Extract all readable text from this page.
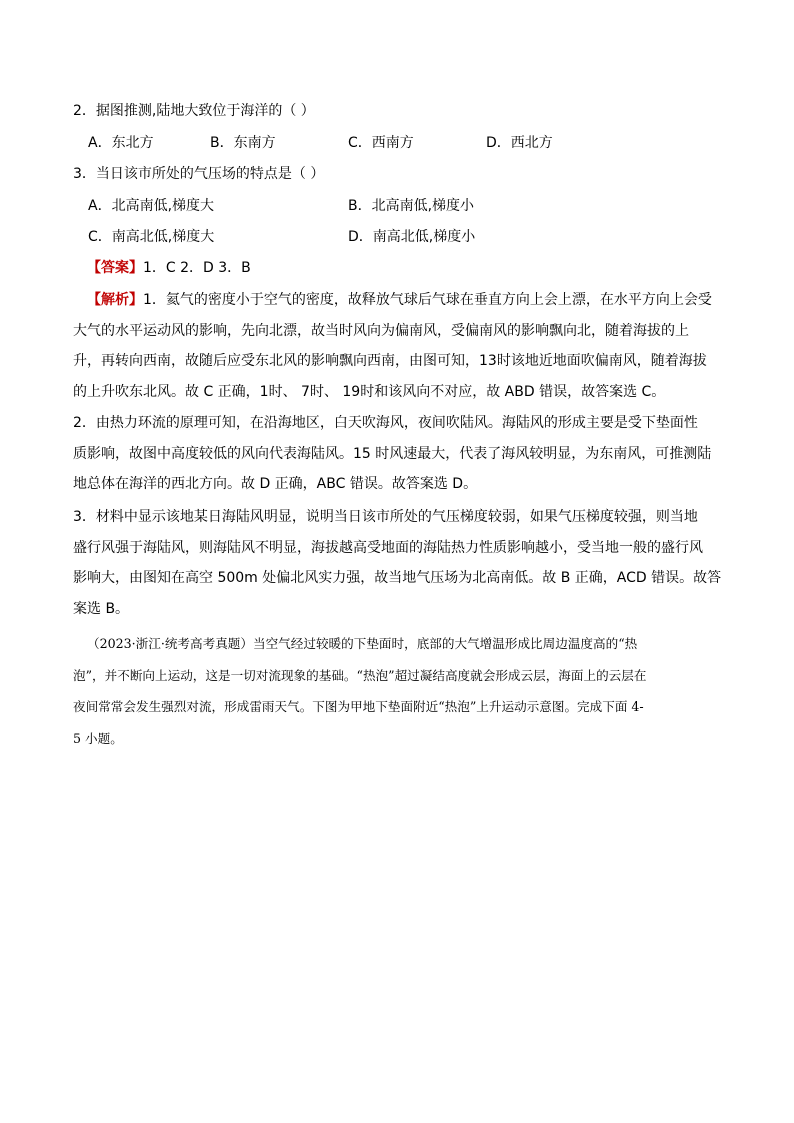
2．据图推测,陆地大致位于海洋的（ ）
A．东北方	B．东南方	C．西南方	D．西北方
3．当日该市所处的气压场的特点是（ ）
A．北高南低,梯度大	B．北高南低,梯度小
C．南高北低,梯度大	D．南高北低,梯度小
【答案】1．C 2．D 3．B
【解析】1．氦气的密度小于空气的密度，故释放气球后气球在垂直方向上会上漂，在水平方向上会受
大气的水平运动风的影响，先向北漂，故当时风向为偏南风，受偏南风的影响飘向北，随着海拔的上
升，再转向西南，故随后应受东北风的影响飘向西南，由图可知，13时该地近地面吹偏南风，随着海拔
的上升吹东北风。故 C 正确，1时、 7时、 19时和该风向不对应，故 ABD 错误，故答案选 C。
2．由热力环流的原理可知，在沿海地区，白天吹海风，夜间吹陆风。海陆风的形成主要是受下垫面性
质影响，故图中高度较低的风向代表海陆风。15 时风速最大，代表了海风较明显，为东南风，可推测陆
地总体在海洋的西北方向。故 D 正确，ABC 错误。故答案选 D。
3．材料中显示该地某日海陆风明显，说明当日该市所处的气压梯度较弱，如果气压梯度较强，则当地
盛行风强于海陆风，则海陆风不明显，海拔越高受地面的海陆热力性质影响越小，受当地一般的盛行风
影响大，由图知在高空 500m 处偏北风实力强，故当地气压场为北高南低。故 B 正确，ACD 错误。故答
案选 B。
（2023·浙江·统考高考真题）当空气经过较暖的下垫面时，底部的大气增温形成比周边温度高的“热
泡”，并不断向上运动，这是一切对流现象的基础。“热泡”超过凝结高度就会形成云层，海面上的云层在
夜间常常会发生强烈对流，形成雷雨天气。下图为甲地下垫面附近“热泡”上升运动示意图。完成下面 4-
5 小题。
